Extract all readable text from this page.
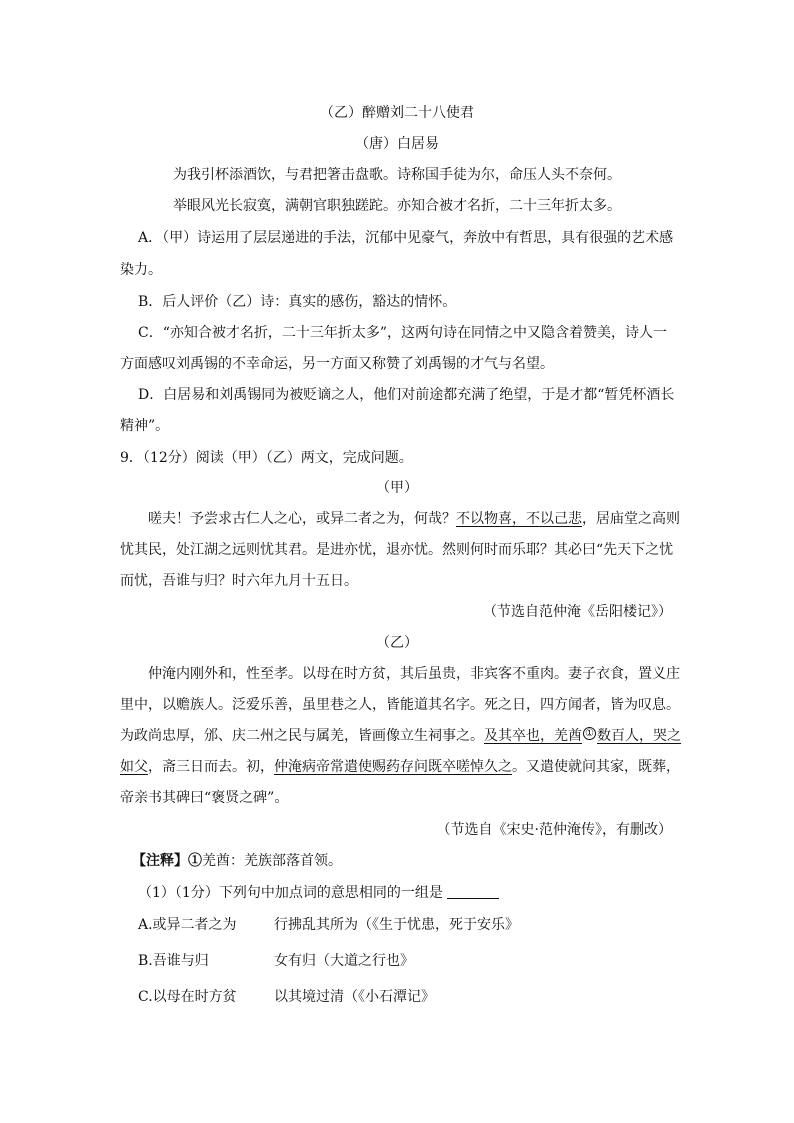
（乙）醉赠刘二十八使君
（唐）白居易
为我引杯添酒饮，与君把箸击盘歌。诗称国手徒为尔，命压人头不奈何。
举眼风光长寂寞，满朝官职独蹉跎。亦知合被才名折，二十三年折太多。
A．（甲）诗运用了层层递进的手法，沉郁中见豪气，奔放中有哲思，具有很强的艺术感
染力。
B．后人评价（乙）诗：真实的感伤，豁达的情怀。
C．“亦知合被才名折，二十三年折太多”，这两句诗在同情之中又隐含着赞美，诗人一
方面感叹刘禹锡的不幸命运，另一方面又称赞了刘禹锡的才气与名望。
D．白居易和刘禹锡同为被贬谪之人，他们对前途都充满了绝望，于是才都“暂凭杯酒长
精神”。
9．（12分）阅读（甲）（乙）两文，完成问题。
（甲）
嗟夫！予尝求古仁人之心，或异二者之为，何哉？不以物喜，不以己悲，居庙堂之高则
忧其民，处江湖之远则忧其君。是进亦忧，退亦忧。然则何时而乐耶？其必曰“先天下之忧
而忧，吾谁与归？时六年九月十五日。
（节选自范仲淹《岳阳楼记》）
（乙）
仲淹内刚外和，性至孝。以母在时方贫，其后虽贵，非宾客不重肉。妻子衣食，置义庄
里中，以赡族人。泛爱乐善，虽里巷之人，皆能道其名字。死之日，四方闻者，皆为叹息。
为政尚忠厚，邠、庆二州之民与属羌，皆画像立生祠事之。及其卒也，羌酋 ① 数百人，哭之
如父，斋三日而去。初，仲淹病帝常遣使赐药存问既卒嗟悼久之。又遣使就问其家，既葬，
帝亲书其碑曰“褒贤之碑”。
（节选自《宋史·范仲淹传》，有删改）
【注释】①羌酋：羌族部落首领。
（1）（1分）下列句中加点词的意思相同的一组是
A.或异二者之为	行拂乱其所为（《生于忧患，死于安乐》
B.吾谁与归	女有归（大道之行也》
C.以母在时方贫	以其境过清（《小石潭记》
